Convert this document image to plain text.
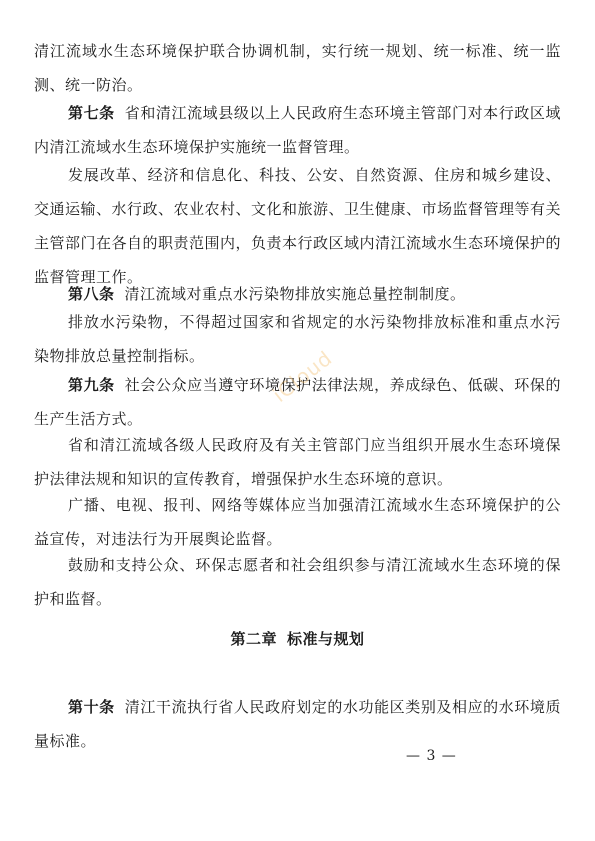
清江流域水生态环境保护联合协调机制，实行统一规划、统一标准、统一监测、统一防治。

第七条 省和清江流域县级以上人民政府生态环境主管部门对本行政区域内清江流域水生态环境保护实施统一监督管理。

发展改革、经济和信息化、科技、公安、自然资源、住房和城乡建设、交通运输、水行政、农业农村、文化和旅游、卫生健康、市场监督管理等有关主管部门在各自的职责范围内，负责本行政区域内清江流域水生态环境保护的监督管理工作。

第八条 清江流域对重点水污染物排放实施总量控制制度。

排放水污染物，不得超过国家和省规定的水污染物排放标准和重点水污染物排放总量控制指标。

第九条 社会公众应当遵守环境保护法律法规，养成绿色、低碳、环保的生产生活方式。

省和清江流域各级人民政府及有关主管部门应当组织开展水生态环境保护法律法规和知识的宣传教育，增强保护水生态环境的意识。

广播、电视、报刊、网络等媒体应当加强清江流域水生态环境保护的公益宣传，对违法行为开展舆论监督。

鼓励和支持公众、环保志愿者和社会组织参与清江流域水生态环境的保护和监督。

第二章 标准与规划

第十条 清江干流执行省人民政府划定的水功能区类别及相应的水环境质量标准。

— 3 —
iCloud
